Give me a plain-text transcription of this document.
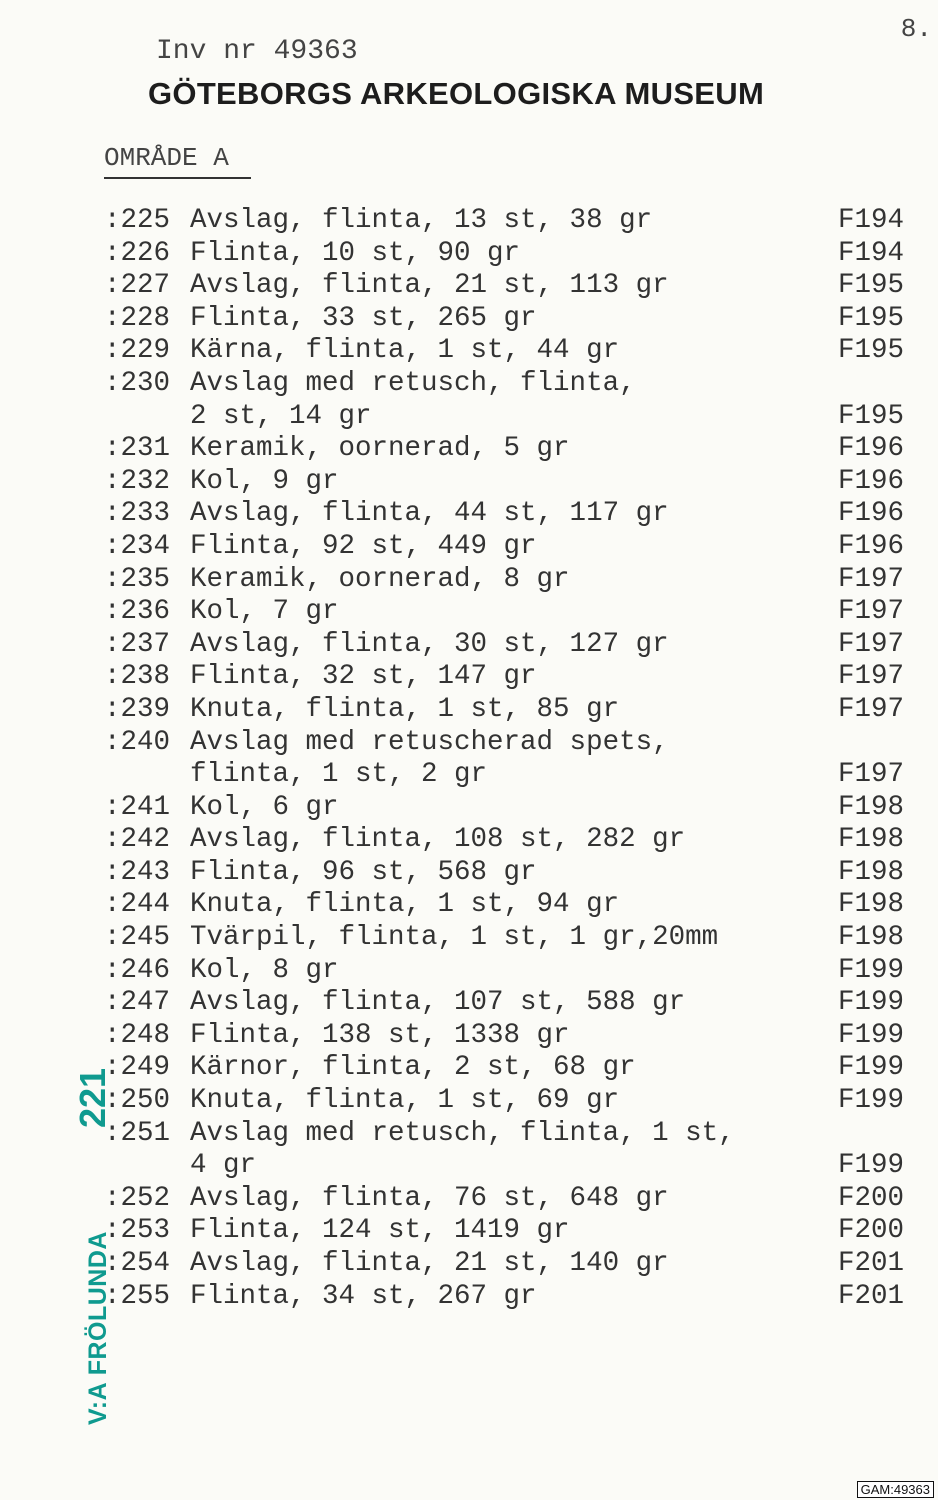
8.
Inv nr 49363
GÖTEBORGS ARKEOLOGISKA MUSEUM
OMRÅDE A
:225 Avslag, flinta, 13 st, 38 gr	F194
:226 Flinta, 10 st, 90 gr	F194
:227 Avslag, flinta, 21 st, 113 gr	F195
:228 Flinta, 33 st, 265 gr	F195
:229 Kärna, flinta, 1 st, 44 gr	F195
:230 Avslag med retusch, flinta,
2 st, 14 gr	F195
:231 Keramik, oornerad, 5 gr	F196
:232 Kol, 9 gr	F196
:233 Avslag, flinta, 44 st, 117 gr	F196
:234 Flinta, 92 st, 449 gr	F196
:235 Keramik, oornerad, 8 gr	F197
:236 Kol, 7 gr	F197
:237 Avslag, flinta, 30 st, 127 gr	F197
:238 Flinta, 32 st, 147 gr	F197
:239 Knuta, flinta, 1 st, 85 gr	F197
:240 Avslag med retuscherad spets,
flinta, 1 st, 2 gr	F197
:241 Kol, 6 gr	F198
:242 Avslag, flinta, 108 st, 282 gr	F198
:243 Flinta, 96 st, 568 gr	F198
:244 Knuta, flinta, 1 st, 94 gr	F198
:245 Tvärpil, flinta, 1 st, 1 gr,20mm	F198
:246 Kol, 8 gr	F199
:247 Avslag, flinta, 107 st, 588 gr	F199
:248 Flinta, 138 st, 1338 gr	F199
:249 Kärnor, flinta, 2 st, 68 gr	F199
:250 Knuta, flinta, 1 st, 69 gr	F199
:251 Avslag med retusch, flinta, 1 st,
4 gr	F199
:252 Avslag, flinta, 76 st, 648 gr	F200
:253 Flinta, 124 st, 1419 gr	F200
:254 Avslag, flinta, 21 st, 140 gr	F201
:255 Flinta, 34 st, 267 gr	F201
V:A FRÖLUNDA
221
GAM:49363
